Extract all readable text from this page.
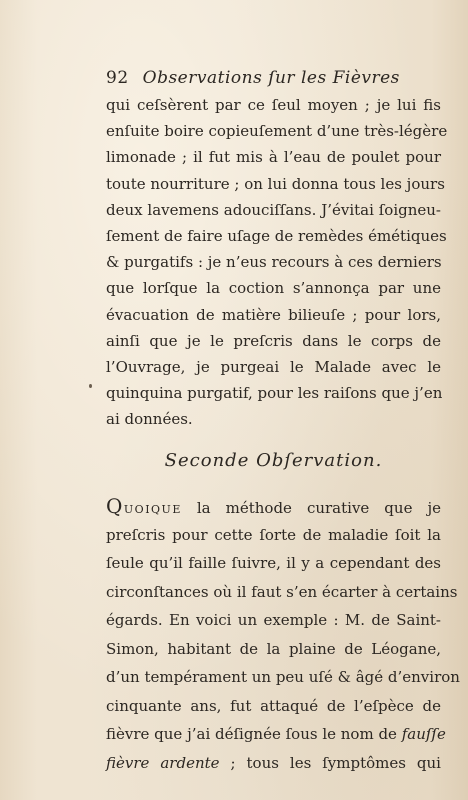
92 Observations ſur les Fièvres
qui ceſsèrent par ce ſeul moyen ; je lui fis
enſuite boire copieuſement d’une très-légère
limonade ; il fut mis à l’eau de poulet pour
toute nourriture ; on lui donna tous les jours
deux lavemens adouciſſans. J’évitai ſoigneu-
ſement de faire uſage de remèdes émétiques
& purgatifs : je n’eus recours à ces derniers
que lorſque la coction s’annonça par une
évacuation de matière bilieuſe ; pour lors,
ainſi que je le preſcris dans le corps de
l’Ouvrage, je purgeai le Malade avec le
quinquina purgatif, pour les raiſons que j’en
ai données.
Seconde Obſervation.
Quoique la méthode curative que je
preſcris pour cette ſorte de maladie ſoit la
ſeule qu’il faille ſuivre, il y a cependant des
circonſtances où il faut s’en écarter à certains
égards. En voici un exemple : M. de Saint-
Simon, habitant de la plaine de Léogane,
d’un tempérament un peu uſé & âgé d’environ
cinquante ans, fut attaqué de l’eſpèce de
fièvre que j’ai déſignée ſous le nom de fauſſe
fièvre ardente ; tous les ſymptômes qui
